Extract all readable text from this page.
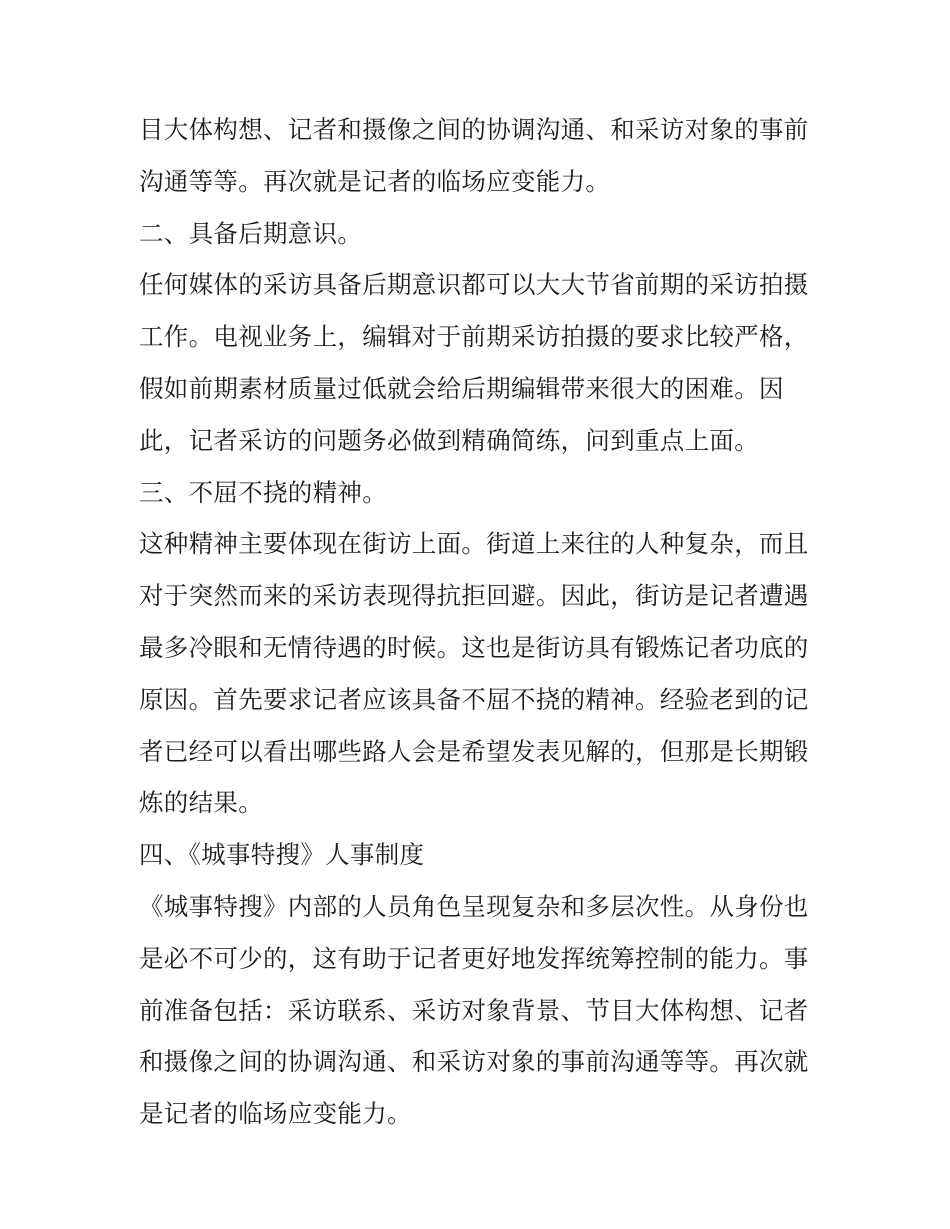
目大体构想、记者和摄像之间的协调沟通、和采访对象的事前
沟通等等。再次就是记者的临场应变能力。
二、具备后期意识。
任何媒体的采访具备后期意识都可以大大节省前期的采访拍摄
工作。电视业务上，编辑对于前期采访拍摄的要求比较严格，
假如前期素材质量过低就会给后期编辑带来很大的困难。因
此，记者采访的问题务必做到精确简练，问到重点上面。
三、不屈不挠的精神。
这种精神主要体现在街访上面。街道上来往的人种复杂，而且
对于突然而来的采访表现得抗拒回避。因此，街访是记者遭遇
最多冷眼和无情待遇的时候。这也是街访具有锻炼记者功底的
原因。首先要求记者应该具备不屈不挠的精神。经验老到的记
者已经可以看出哪些路人会是希望发表见解的，但那是长期锻
炼的结果。
四、《城事特搜》人事制度
《城事特搜》内部的人员角色呈现复杂和多层次性。从身份也
是必不可少的，这有助于记者更好地发挥统筹控制的能力。事
前准备包括：采访联系、采访对象背景、节目大体构想、记者
和摄像之间的协调沟通、和采访对象的事前沟通等等。再次就
是记者的临场应变能力。
